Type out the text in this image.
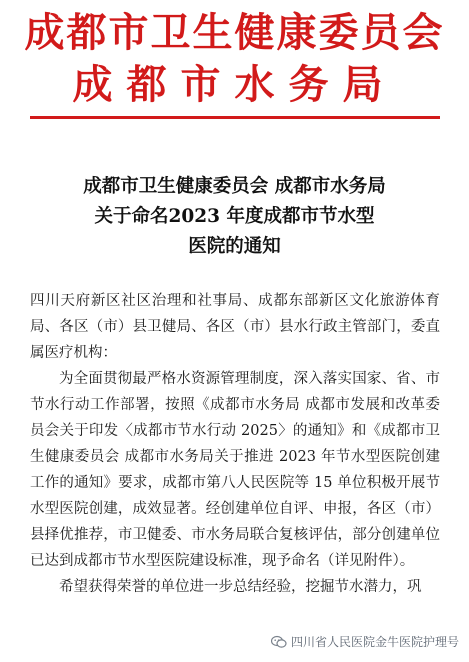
成都市卫生健康委员会
成都市水务局
成都市卫生健康委员会 成都市水务局
关于命名2023 年度成都市节水型
医院的通知

四川天府新区社区治理和社事局、成都东部新区文化旅游体育局、各区（市）县卫健局、各区（市）县水行政主管部门，委直属医疗机构：

为全面贯彻最严格水资源管理制度，深入落实国家、省、市节水行动工作部署，按照《成都市水务局 成都市发展和改革委员会关于印发〈成都市节水行动 2025〉的通知》和《成都市卫生健康委员会 成都市水务局关于推进 2023 年节水型医院创建工作的通知》要求，成都市第八人民医院等 15 单位积极开展节水型医院创建，成效显著。经创建单位自评、申报，各区（市）县择优推荐，市卫健委、市水务局联合复核评估，部分创建单位已达到成都市节水型医院建设标准，现予命名（详见附件）。

希望获得荣誉的单位进一步总结经验，挖掘节水潜力，巩

四川省人民医院金牛医院护理号
